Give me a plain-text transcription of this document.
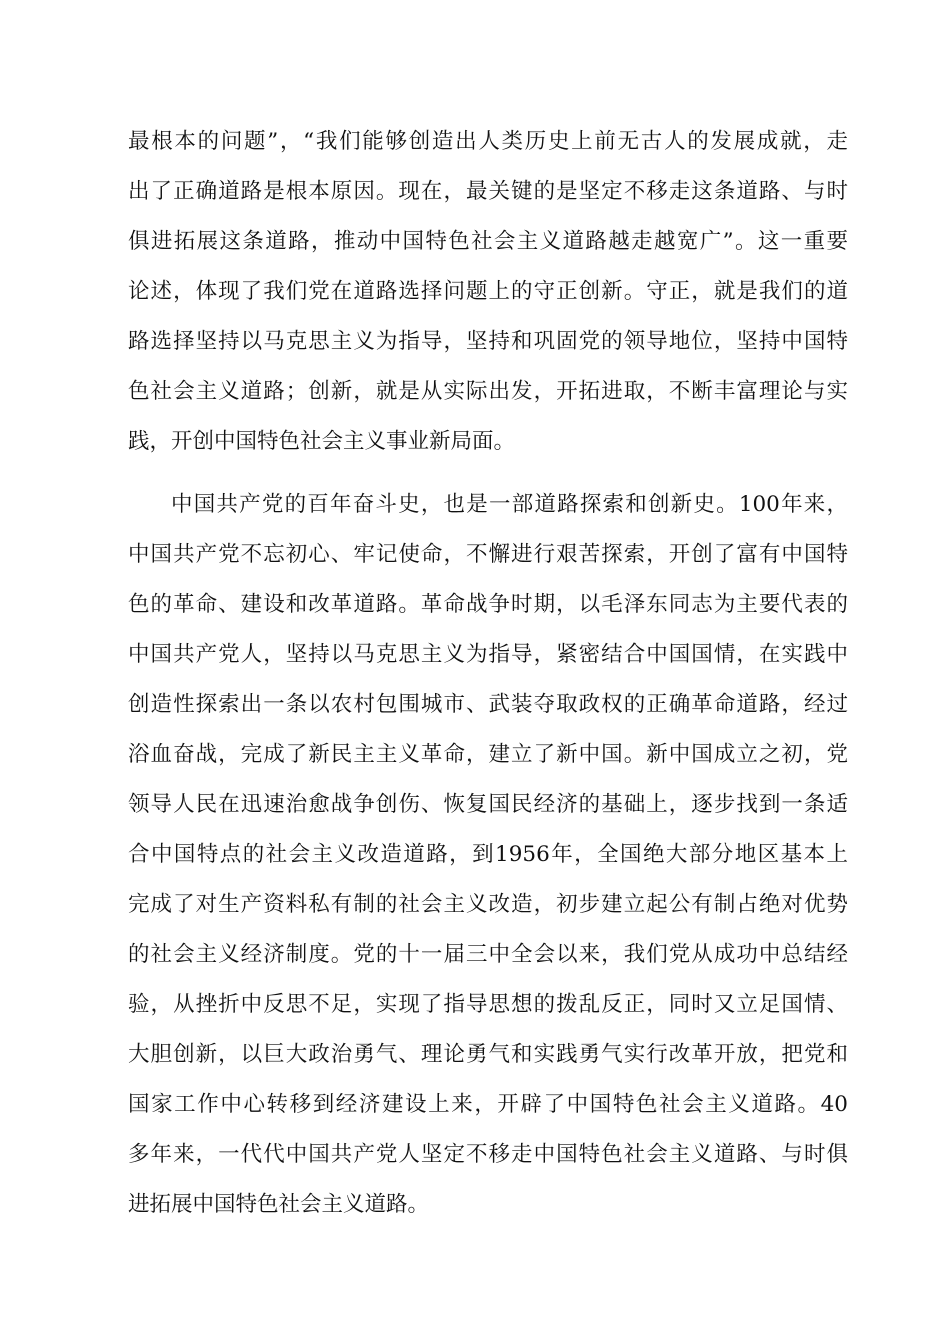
最根本的问题”，“我们能够创造出人类历史上前无古人的发展成就，走
出了正确道路是根本原因。现在，最关键的是坚定不移走这条道路、与时
俱进拓展这条道路，推动中国特色社会主义道路越走越宽广”。这一重要
论述，体现了我们党在道路选择问题上的守正创新。守正，就是我们的道
路选择坚持以马克思主义为指导，坚持和巩固党的领导地位，坚持中国特
色社会主义道路；创新，就是从实际出发，开拓进取，不断丰富理论与实
践，开创中国特色社会主义事业新局面。
中国共产党的百年奋斗史，也是一部道路探索和创新史。100年来，
中国共产党不忘初心、牢记使命，不懈进行艰苦探索，开创了富有中国特
色的革命、建设和改革道路。革命战争时期，以毛泽东同志为主要代表的
中国共产党人，坚持以马克思主义为指导，紧密结合中国国情，在实践中
创造性探索出一条以农村包围城市、武装夺取政权的正确革命道路，经过
浴血奋战，完成了新民主主义革命，建立了新中国。新中国成立之初，党
领导人民在迅速治愈战争创伤、恢复国民经济的基础上，逐步找到一条适
合中国特点的社会主义改造道路，到1956年，全国绝大部分地区基本上
完成了对生产资料私有制的社会主义改造，初步建立起公有制占绝对优势
的社会主义经济制度。党的十一届三中全会以来，我们党从成功中总结经
验，从挫折中反思不足，实现了指导思想的拨乱反正，同时又立足国情、
大胆创新，以巨大政治勇气、理论勇气和实践勇气实行改革开放，把党和
国家工作中心转移到经济建设上来，开辟了中国特色社会主义道路。40
多年来，一代代中国共产党人坚定不移走中国特色社会主义道路、与时俱
进拓展中国特色社会主义道路。
